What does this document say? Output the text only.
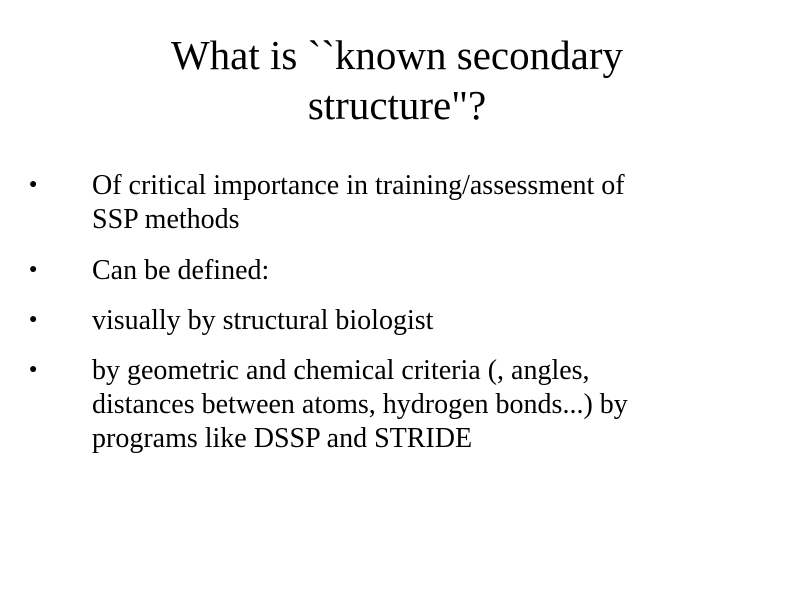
What is ``known secondary
structure"?
● Of critical importance in training/assessment of
SSP methods
● Can be defined:
● visually by structural biologist
● by geometric and chemical criteria (, angles,
distances between atoms, hydrogen bonds...) by
programs like DSSP and STRIDE
